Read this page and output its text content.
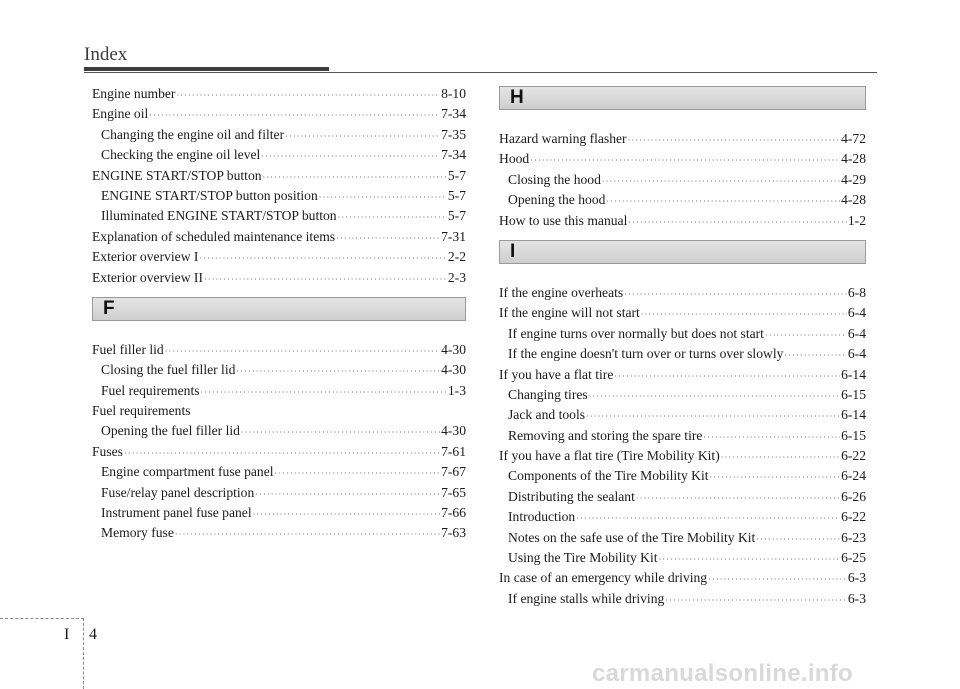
Index
Engine number ·····	8-10
Engine oil ·····	7-34
Changing the engine oil and filter ·····	7-35
Checking the engine oil level ·····	7-34
ENGINE START/STOP button ·····	5-7
ENGINE START/STOP button position ·····	5-7
Illuminated ENGINE START/STOP button ·····	5-7
Explanation of scheduled maintenance items ·····	7-31
Exterior overview I ·····	2-2
Exterior overview II ·····	2-3
F
Fuel filler lid ·····	4-30
Closing the fuel filler lid ·····	4-30
Fuel requirements ·····	1-3
Fuel requirements
Opening the fuel filler lid ·····	4-30
Fuses ·····	7-61
Engine compartment fuse panel ·····	7-67
Fuse/relay panel description ·····	7-65
Instrument panel fuse panel ·····	7-66
Memory fuse ·····	7-63
H
Hazard warning flasher ·····	4-72
Hood ·····	4-28
Closing the hood ·····	4-29
Opening the hood ·····	4-28
How to use this manual ·····	1-2
I
If the engine overheats ·····	6-8
If the engine will not start ·····	6-4
If engine turns over normally but does not start ·····	6-4
If the engine doesn't turn over or turns over slowly ·····	6-4
If you have a flat tire ·····	6-14
Changing tires ·····	6-15
Jack and tools ·····	6-14
Removing and storing the spare tire ·····	6-15
If you have a flat tire (Tire Mobility Kit) ·····	6-22
Components of the Tire Mobility Kit ·····	6-24
Distributing the sealant ·····	6-26
Introduction ·····	6-22
Notes on the safe use of the Tire Mobility Kit ·····	6-23
Using the Tire Mobility Kit ·····	6-25
In case of an emergency while driving ·····	6-3
If engine stalls while driving ·····	6-3
I 4
carmanualsonline.info
